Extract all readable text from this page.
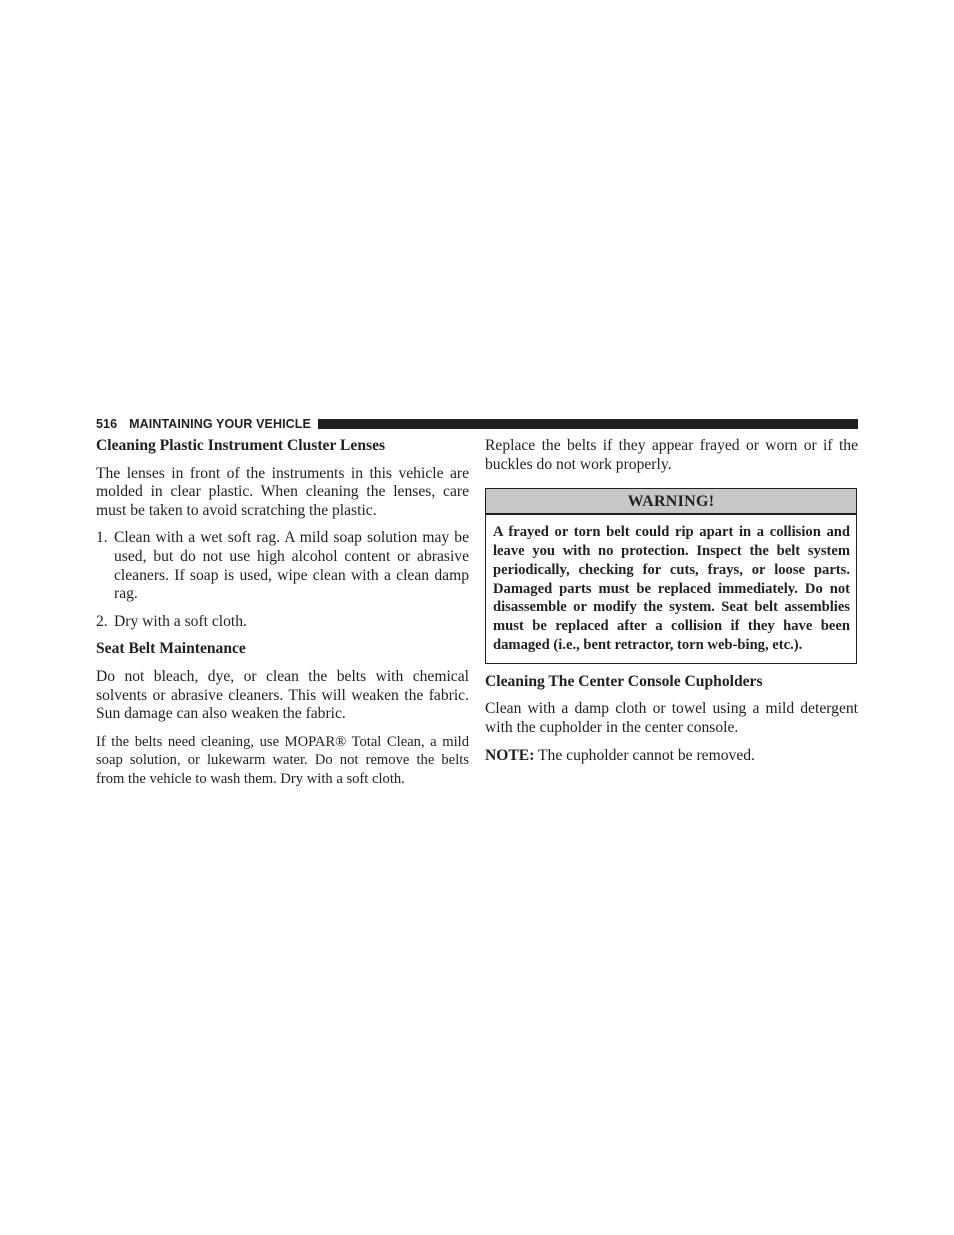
516 MAINTAINING YOUR VEHICLE

Cleaning Plastic Instrument Cluster Lenses

The lenses in front of the instruments in this vehicle are molded in clear plastic. When cleaning the lenses, care must be taken to avoid scratching the plastic.

1. Clean with a wet soft rag. A mild soap solution may be used, but do not use high alcohol content or abrasive cleaners. If soap is used, wipe clean with a clean damp rag.
2. Dry with a soft cloth.

Seat Belt Maintenance

Do not bleach, dye, or clean the belts with chemical solvents or abrasive cleaners. This will weaken the fabric. Sun damage can also weaken the fabric.

If the belts need cleaning, use MOPAR® Total Clean, a mild soap solution, or lukewarm water. Do not remove the belts from the vehicle to wash them. Dry with a soft cloth.

Replace the belts if they appear frayed or worn or if the buckles do not work properly.

WARNING!
A frayed or torn belt could rip apart in a collision and leave you with no protection. Inspect the belt system periodically, checking for cuts, frays, or loose parts. Damaged parts must be replaced immediately. Do not disassemble or modify the system. Seat belt assemblies must be replaced after a collision if they have been damaged (i.e., bent retractor, torn web-bing, etc.).

Cleaning The Center Console Cupholders

Clean with a damp cloth or towel using a mild detergent with the cupholder in the center console.

NOTE: The cupholder cannot be removed.
